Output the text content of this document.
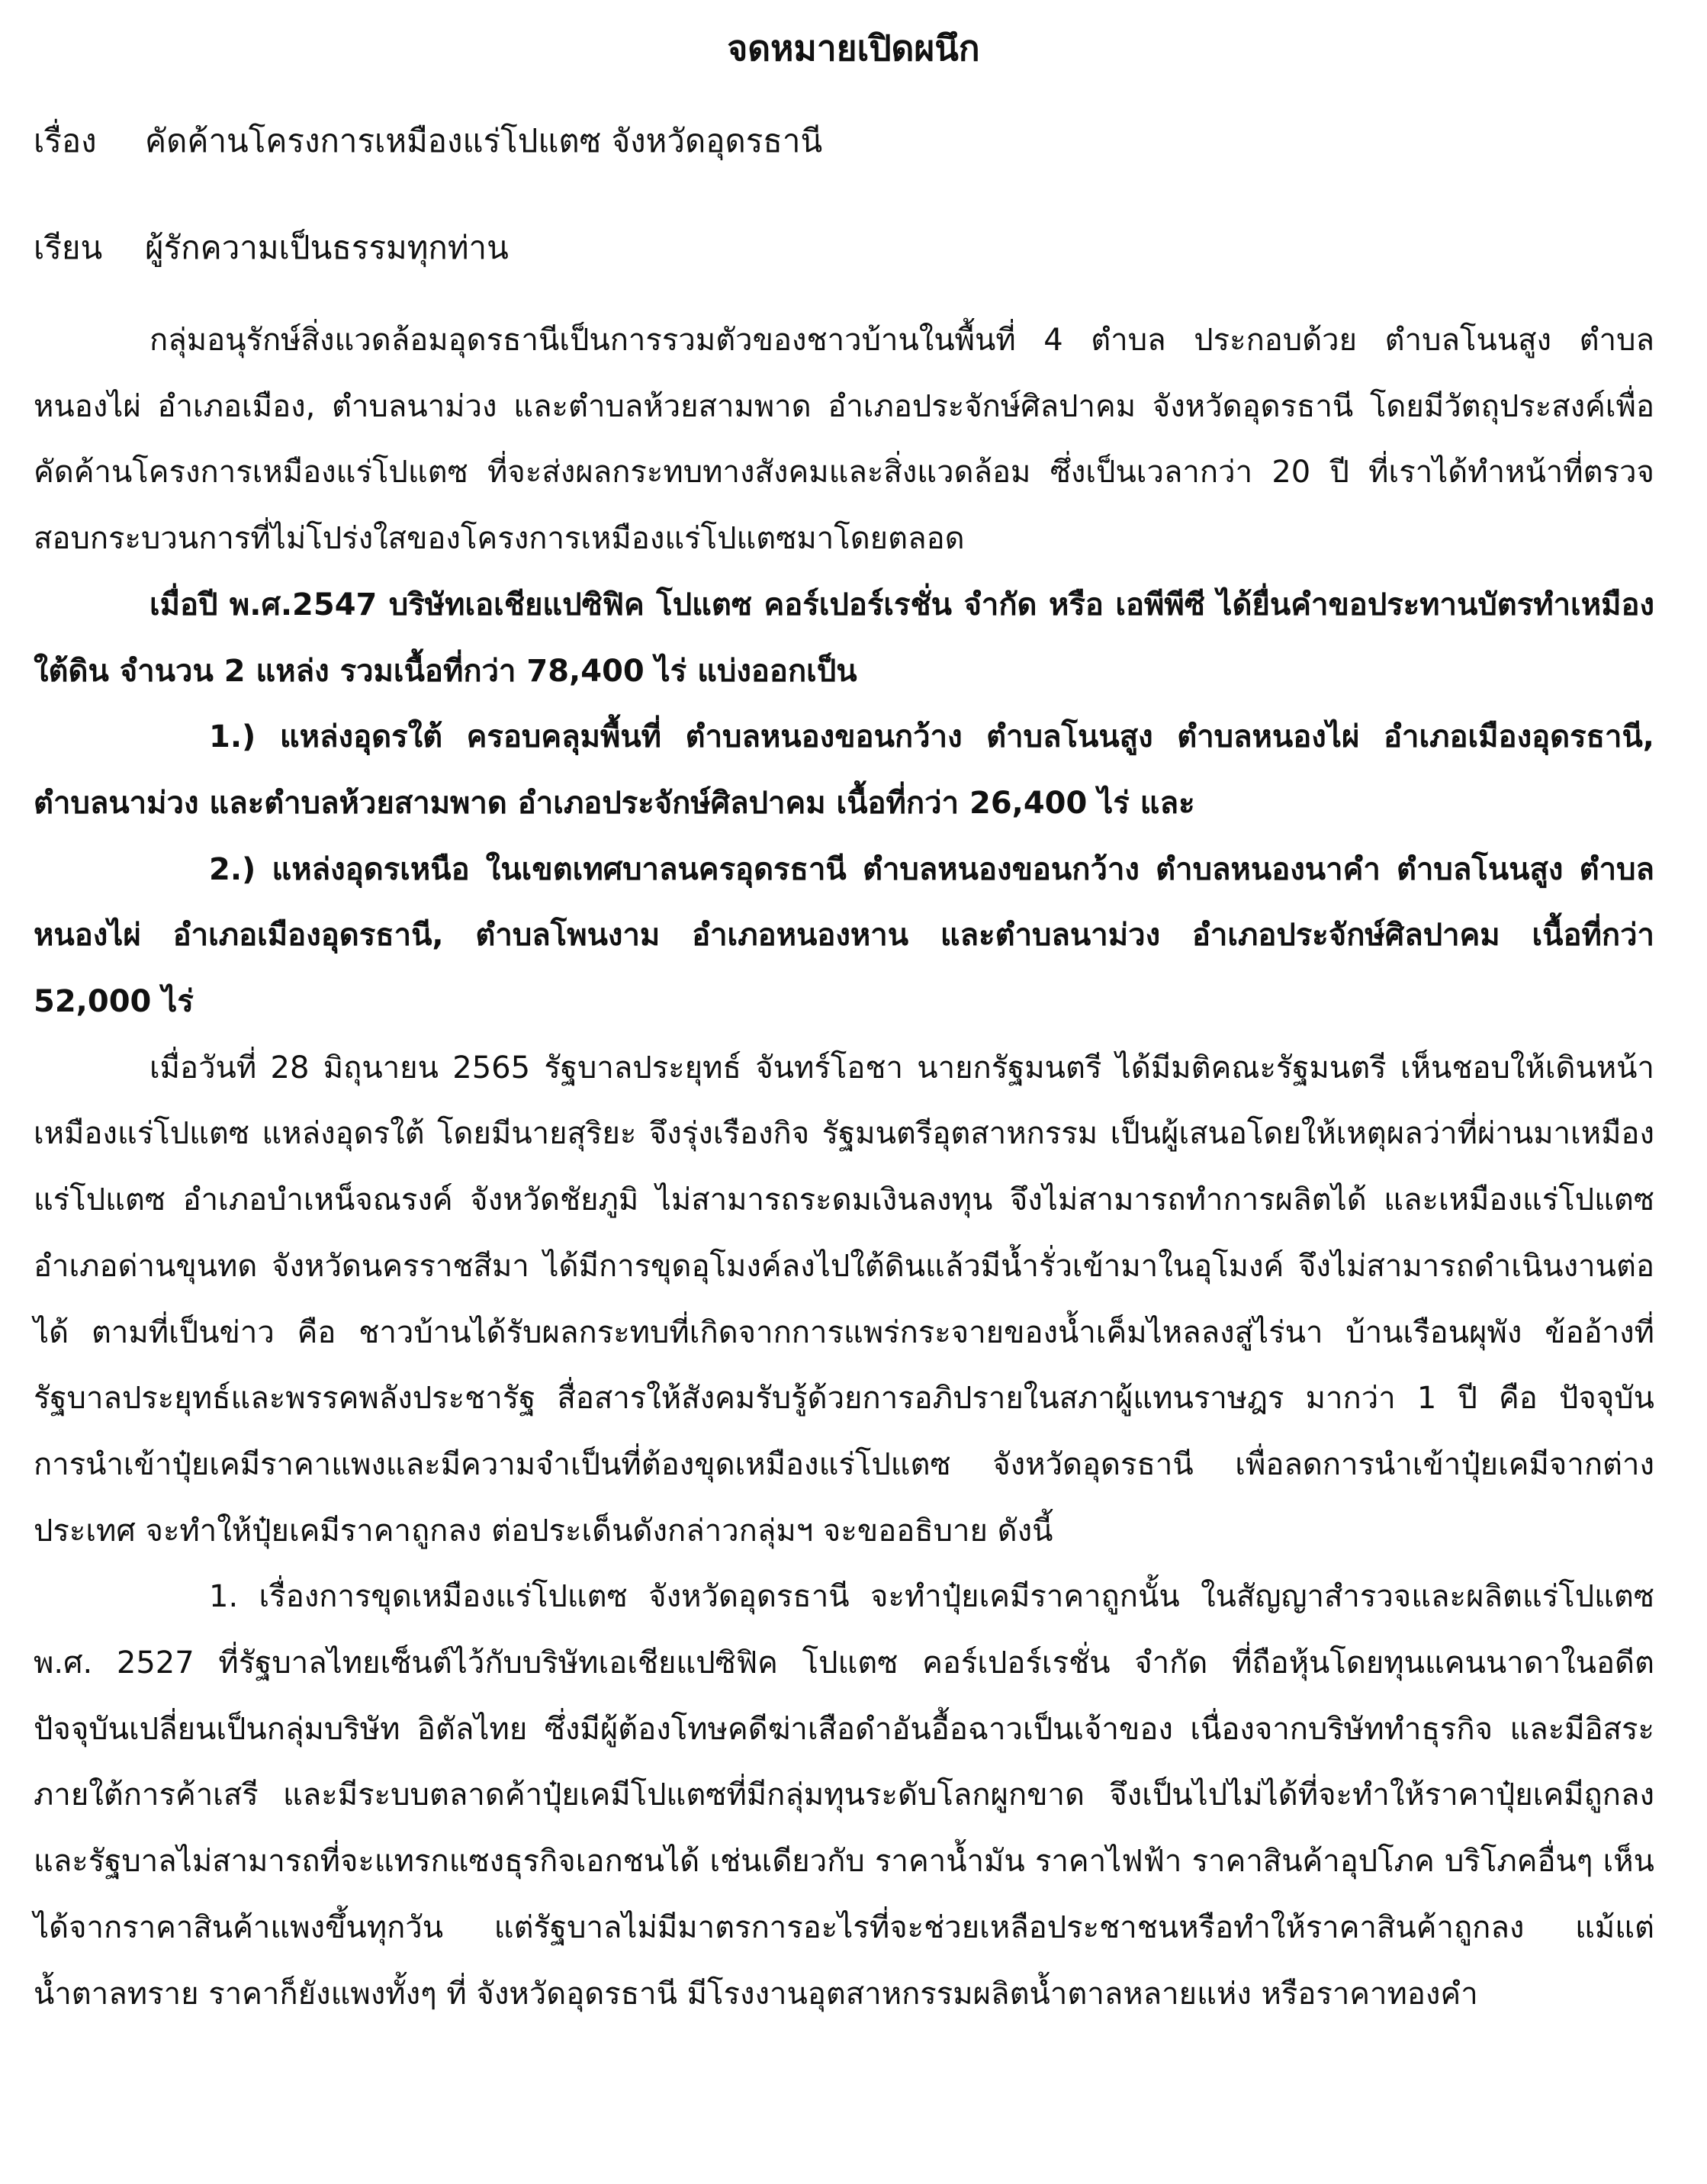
จดหมายเปิดผนึก
เรื่อง คัดค้านโครงการเหมืองแร่โปแตซ จังหวัดอุดรธานี
เรียน ผู้รักความเป็นธรรมทุกท่าน

กลุ่มอนุรักษ์สิ่งแวดล้อมอุดรธานีเป็นการรวมตัวของชาวบ้านในพื้นที่ 4 ตำบล ประกอบด้วย ตำบลโนนสูง ตำบลหนองไผ่ อำเภอเมือง, ตำบลนาม่วง และตำบลห้วยสามพาด อำเภอประจักษ์ศิลปาคม จังหวัดอุดรธานี โดยมีวัตถุประสงค์เพื่อคัดค้านโครงการเหมืองแร่โปแตซ ที่จะส่งผลกระทบทางสังคมและสิ่งแวดล้อม ซึ่งเป็นเวลากว่า 20 ปี ที่เราได้ทำหน้าที่ตรวจสอบกระบวนการที่ไม่โปร่งใสของโครงการเหมืองแร่โปแตซมาโดยตลอด

เมื่อปี พ.ศ.2547 บริษัทเอเชียแปซิฟิค โปแตซ คอร์เปอร์เรชั่น จำกัด หรือ เอพีพีซี ได้ยื่นคำขอประทานบัตรทำเหมืองใต้ดิน จำนวน 2 แหล่ง รวมเนื้อที่กว่า 78,400 ไร่ แบ่งออกเป็น

1.) แหล่งอุดรใต้ ครอบคลุมพื้นที่ ตำบลหนองขอนกว้าง ตำบลโนนสูง ตำบลหนองไผ่ อำเภอเมืองอุดรธานี, ตำบลนาม่วง และตำบลห้วยสามพาด อำเภอประจักษ์ศิลปาคม เนื้อที่กว่า 26,400 ไร่ และ

2.) แหล่งอุดรเหนือ ในเขตเทศบาลนครอุดรธานี ตำบลหนองขอนกว้าง ตำบลหนองนาคำ ตำบลโนนสูง ตำบลหนองไผ่ อำเภอเมืองอุดรธานี, ตำบลโพนงาม อำเภอหนองหาน และตำบลนาม่วง อำเภอประจักษ์ศิลปาคม เนื้อที่กว่า 52,000 ไร่

เมื่อวันที่ 28 มิถุนายน 2565 รัฐบาลประยุทธ์ จันทร์โอชา นายกรัฐมนตรี ได้มีมติคณะรัฐมนตรี เห็นชอบให้เดินหน้าเหมืองแร่โปแตซ แหล่งอุดรใต้ โดยมีนายสุริยะ จึงรุ่งเรืองกิจ รัฐมนตรีอุตสาหกรรม เป็นผู้เสนอโดยให้เหตุผลว่าที่ผ่านมาเหมืองแร่โปแตซ อำเภอบำเหน็จณรงค์ จังหวัดชัยภูมิ ไม่สามารถระดมเงินลงทุน จึงไม่สามารถทำการผลิตได้ และเหมืองแร่โปแตซ อำเภอด่านขุนทด จังหวัดนครราชสีมา ได้มีการขุดอุโมงค์ลงไปใต้ดินแล้วมีน้ำรั่วเข้ามาในอุโมงค์ จึงไม่สามารถดำเนินงานต่อได้ ตามที่เป็นข่าว คือ ชาวบ้านได้รับผลกระทบที่เกิดจากการแพร่กระจายของน้ำเค็มไหลลงสู่ไร่นา บ้านเรือนผุพัง ข้ออ้างที่รัฐบาลประยุทธ์และพรรคพลังประชารัฐ สื่อสารให้สังคมรับรู้ด้วยการอภิปรายในสภาผู้แทนราษฎร มากว่า 1 ปี คือ ปัจจุบันการนำเข้าปุ๋ยเคมีราคาแพงและมีความจำเป็นที่ต้องขุดเหมืองแร่โปแตซ จังหวัดอุดรธานี เพื่อลดการนำเข้าปุ๋ยเคมีจากต่างประเทศ จะทำให้ปุ๋ยเคมีราคาถูกลง ต่อประเด็นดังกล่าวกลุ่มฯ จะขออธิบาย ดังนี้

1. เรื่องการขุดเหมืองแร่โปแตซ จังหวัดอุดรธานี จะทำปุ๋ยเคมีราคาถูกนั้น ในสัญญาสำรวจและผลิตแร่โปแตซ พ.ศ. 2527 ที่รัฐบาลไทยเซ็นต์ไว้กับบริษัทเอเชียแปซิฟิค โปแตซ คอร์เปอร์เรชั่น จำกัด ที่ถือหุ้นโดยทุนแคนนาดาในอดีต ปัจจุบันเปลี่ยนเป็นกลุ่มบริษัท อิตัลไทย ซึ่งมีผู้ต้องโทษคดีฆ่าเสือดำอันอื้อฉาวเป็นเจ้าของ เนื่องจากบริษัททำธุรกิจ และมีอิสระภายใต้การค้าเสรี และมีระบบตลาดค้าปุ๋ยเคมีโปแตซที่มีกลุ่มทุนระดับโลกผูกขาด จึงเป็นไปไม่ได้ที่จะทำให้ราคาปุ๋ยเคมีถูกลง และรัฐบาลไม่สามารถที่จะแทรกแซงธุรกิจเอกชนได้ เช่นเดียวกับ ราคาน้ำมัน ราคาไฟฟ้า ราคาสินค้าอุปโภค บริโภคอื่นๆ เห็นได้จากราคาสินค้าแพงขึ้นทุกวัน แต่รัฐบาลไม่มีมาตรการอะไรที่จะช่วยเหลือประชาชนหรือทำให้ราคาสินค้าถูกลง แม้แต่น้ำตาลทราย ราคาก็ยังแพงทั้งๆ ที่ จังหวัดอุดรธานี มีโรงงานอุตสาหกรรมผลิตน้ำตาลหลายแห่ง หรือราคาทองคำ
